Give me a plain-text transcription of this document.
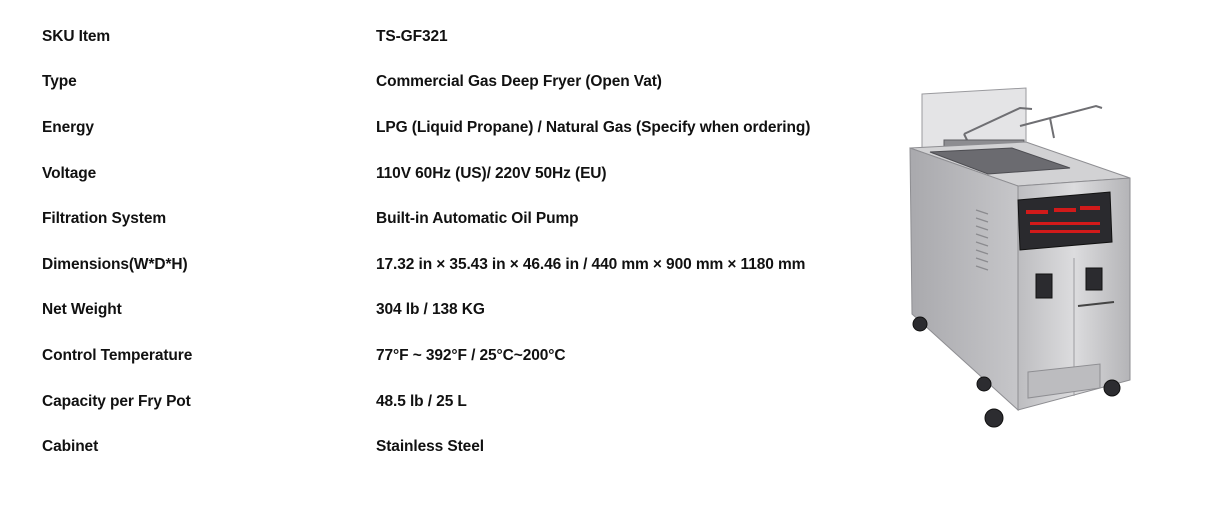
SKU Item	TS-GF321
Type	Commercial Gas Deep Fryer (Open Vat)
Energy	LPG (Liquid Propane) / Natural Gas (Specify when ordering)
Voltage	110V 60Hz (US)/ 220V 50Hz (EU)
Filtration System	Built-in Automatic Oil Pump
Dimensions(W*D*H)	17.32 in × 35.43 in × 46.46 in / 440 mm × 900 mm × 1180 mm
Net Weight	304 lb / 138 KG
Control Temperature	77°F ~ 392°F / 25°C~200°C
Capacity per Fry Pot	48.5 lb / 25 L
Cabinet	Stainless Steel
